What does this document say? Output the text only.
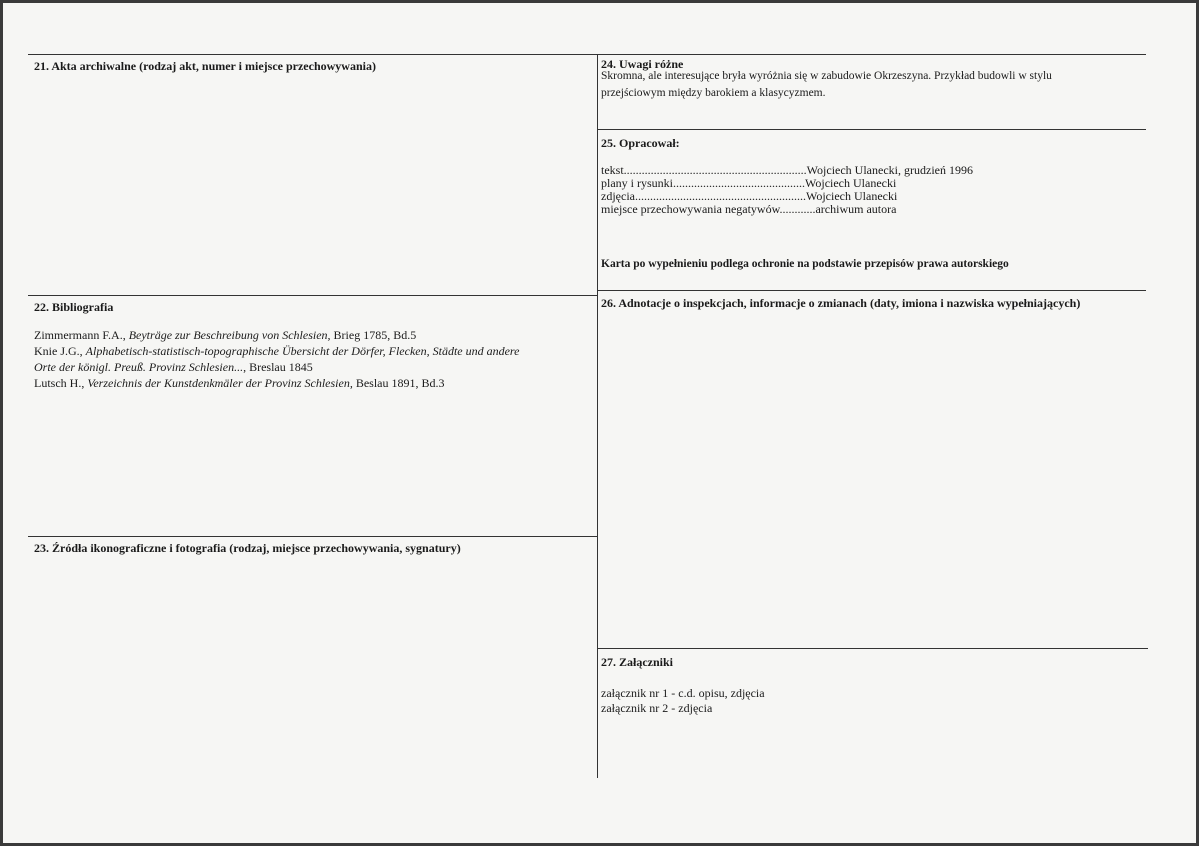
21. Akta archiwalne (rodzaj akt, numer i miejsce przechowywania)
22. Bibliografia
Zimmermann F.A., Beyträge zur Beschreibung von Schlesien, Brieg 1785, Bd.5
Knie J.G., Alphabetisch-statistisch-topographische Übersicht der Dörfer, Flecken, Städte und andere
Orte der königl. Preuß. Provinz Schlesien..., Breslau 1845
Lutsch H., Verzeichnis der Kunstdenkmäler der Provinz Schlesien, Beslau 1891, Bd.3
23. Źródła ikonograficzne i fotografia (rodzaj, miejsce przechowywania, sygnatury)
24. Uwagi różne
Skromna, ale interesujące bryła wyróżnia się w zabudowie Okrzeszyna. Przykład budowli w stylu
przejściowym między barokiem a klasycyzmem.
25. Opracował:
tekst............................................................. Wojciech Ulanecki, grudzień 1996
plany i rysunki............................................ Wojciech Ulanecki
zdjęcia......................................................... Wojciech Ulanecki
miejsce przechowywania negatywów............ archiwum autora
Karta po wypełnieniu podlega ochronie na podstawie przepisów prawa autorskiego
26. Adnotacje o inspekcjach, informacje o zmianach (daty, imiona i nazwiska wypełniających)
27. Załączniki
załącznik nr 1 - c.d. opisu, zdjęcia
załącznik nr 2 - zdjęcia
